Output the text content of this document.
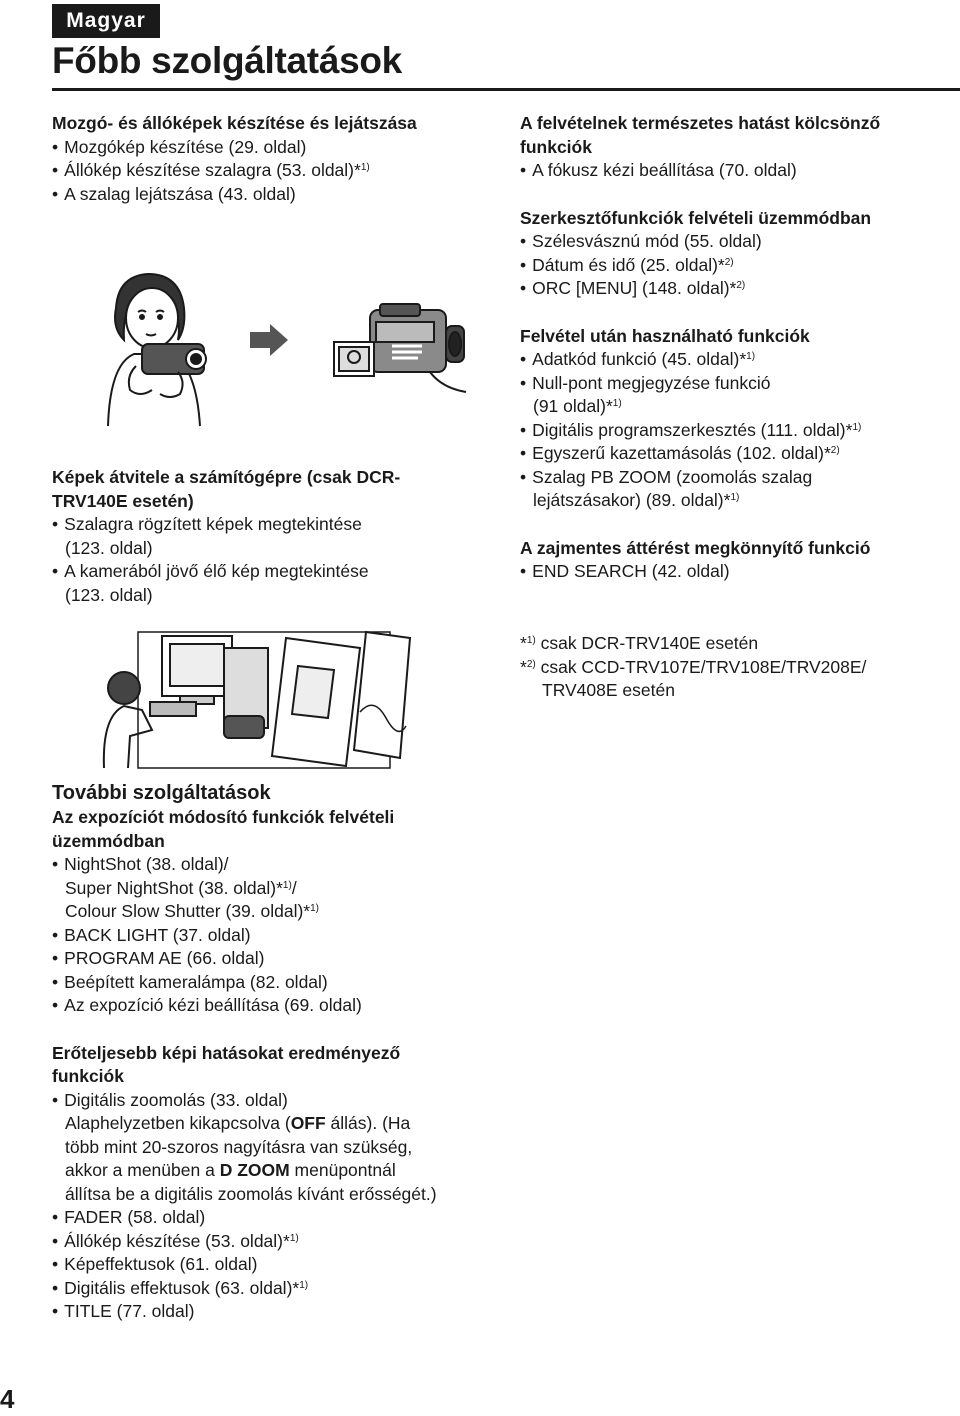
Magyar
Főbb szolgáltatások
Mozgó- és állóképek készítése és lejátszása

• Mozgókép készítése (29. oldal)

• Állókép készítése szalagra (53. oldal)*$^{1)}$

• A szalag lejátszása (43. oldal)

Képek átvitele a számítógépre (csak DCR-TRV140E esetén)

• Szalagra rögzített képek megtekintése

(123. oldal)

• A kamerából jövő élő kép megtekintése

(123. oldal)

További szolgáltatások
Az expozíciót módosító funkciók felvételi üzemmódban

• NightShot (38. oldal)/

Super NightShot (38. oldal)*$^{1)}$/

Colour Slow Shutter (39. oldal)*$^{1)}$

• BACK LIGHT (37. oldal)

• PROGRAM AE (66. oldal)

• Beépített kameralámpa (82. oldal)

• Az expozíció kézi beállítása (69. oldal)

Erőteljesebb képi hatásokat eredményező funkciók

• Digitális zoomolás (33. oldal)

Alaphelyzetben kikapcsolva (OFF állás). (Ha

több mint 20-szoros nagyításra van szükség,

akkor a menüben a D ZOOM menüpontnál

állítsa be a digitális zoomolás kívánt erősségét.)

• FADER (58. oldal)

• Állókép készítése (53. oldal)*$^{1)}$

• Képeffektusok (61. oldal)

• Digitális effektusok (63. oldal)*$^{1)}$

• TITLE (77. oldal)

A felvételnek természetes hatást kölcsönző funkciók

• A fókusz kézi beállítása (70. oldal)

Szerkesztőfunkciók felvételi üzemmódban

• Szélesvásznú mód (55. oldal)

• Dátum és idő (25. oldal)*$^{2)}$

• ORC [MENU] (148. oldal)*$^{2)}$

Felvétel után használható funkciók

• Adatkód funkció (45. oldal)*$^{1)}$

• Null-pont megjegyzése funkció

(91 oldal)*$^{1)}$

• Digitális programszerkesztés (111. oldal)*$^{1)}$

• Egyszerű kazettamásolás (102. oldal)*$^{2)}$

• Szalag PB ZOOM (zoomolás szalag

lejátszásakor) (89. oldal)*$^{1)}$

A zajmentes áttérést megkönnyítő funkció

• END SEARCH (42. oldal)

*$^{1)}$ csak DCR-TRV140E esetén

*$^{2)}$ csak CCD-TRV107E/TRV108E/TRV208E/

TRV408E esetén

4
